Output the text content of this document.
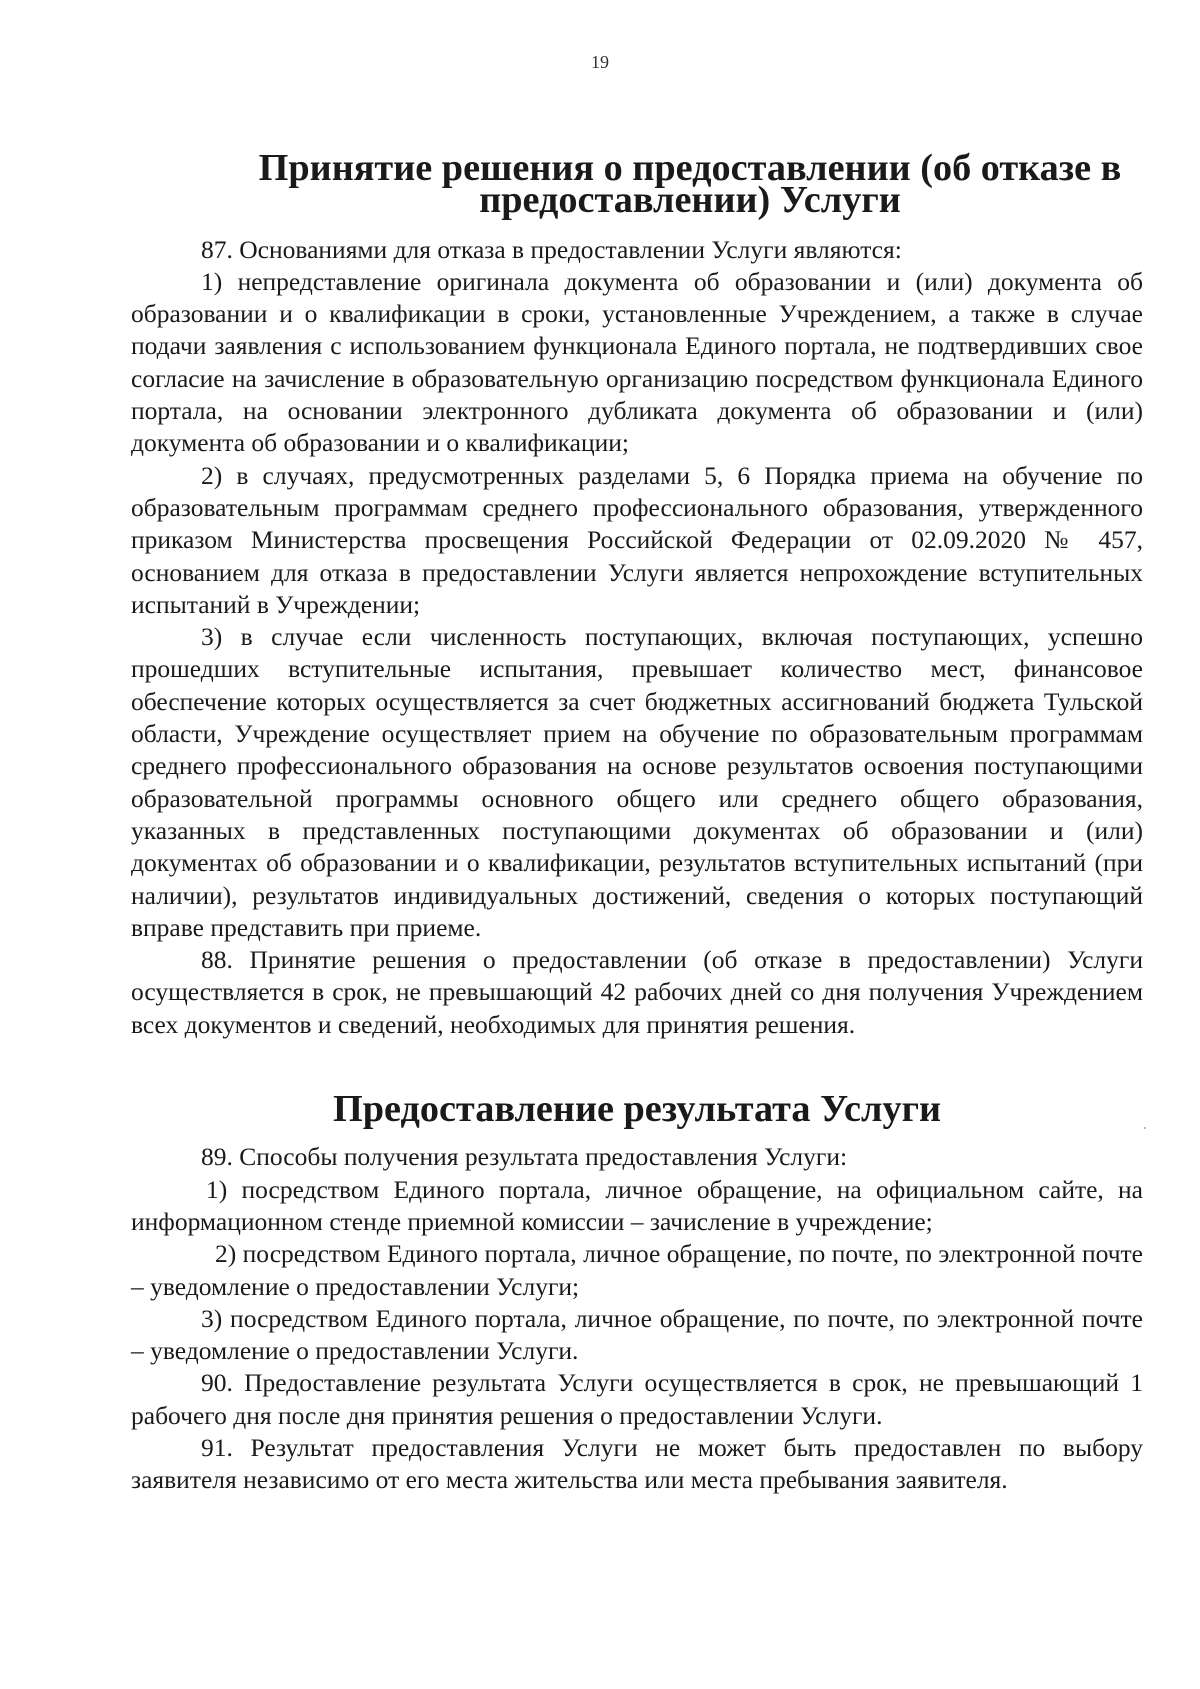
19
Принятие решения о предоставлении (об отказе в предоставлении) Услуги

87. Основаниями для отказа в предоставлении Услуги являются:

1) непредставление оригинала документа об образовании и (или) документа об образовании и о квалификации в сроки, установленные Учреждением, а также в случае подачи заявления с использованием функционала Единого портала, не подтвердивших свое согласие на зачисление в образовательную организацию посредством функционала Единого портала, на основании электронного дубликата документа об образовании и (или) документа об образовании и о квалификации;

2) в случаях, предусмотренных разделами 5, 6 Порядка приема на обучение по образовательным программам среднего профессионального образования, утвержденного приказом Министерства просвещения Российской Федерации от 02.09.2020 № 457, основанием для отказа в предоставлении Услуги является непрохождение вступительных испытаний в Учреждении;

3) в случае если численность поступающих, включая поступающих, успешно прошедших вступительные испытания, превышает количество мест, финансовое обеспечение которых осуществляется за счет бюджетных ассигнований бюджета Тульской области, Учреждение осуществляет прием на обучение по образовательным программам среднего профессионального образования на основе результатов освоения поступающими образовательной программы основного общего или среднего общего образования, указанных в представленных поступающими документах об образовании и (или) документах об образовании и о квалификации, результатов вступительных испытаний (при наличии), результатов индивидуальных достижений, сведения о которых поступающий вправе представить при приеме.

88. Принятие решения о предоставлении (об отказе в предоставлении) Услуги осуществляется в срок, не превышающий 42 рабочих дней со дня получения Учреждением всех документов и сведений, необходимых для принятия решения.

Предоставление результата Услуги

89. Способы получения результата предоставления Услуги:

1) посредством Единого портала, личное обращение, на официальном сайте, на информационном стенде приемной комиссии – зачисление в учреждение;

2) посредством Единого портала, личное обращение, по почте, по электронной почте – уведомление о предоставлении Услуги;

3) посредством Единого портала, личное обращение, по почте, по электронной почте – уведомление о предоставлении Услуги.

90. Предоставление результата Услуги осуществляется в срок, не превышающий 1 рабочего дня после дня принятия решения о предоставлении Услуги.

91. Результат предоставления Услуги не может быть предоставлен по выбору заявителя независимо от его места жительства или места пребывания заявителя.
